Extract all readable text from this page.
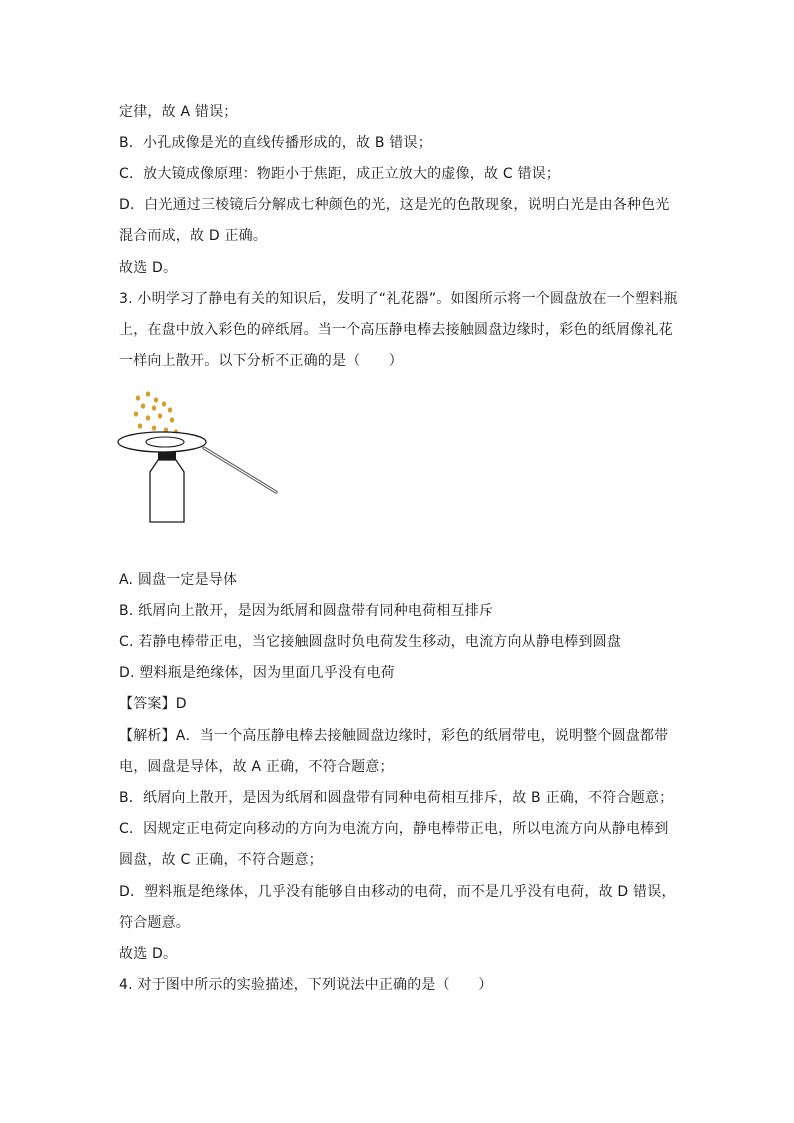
定律，故 A 错误；
B．小孔成像是光的直线传播形成的，故 B 错误；
C．放大镜成像原理：物距小于焦距，成正立放大的虚像，故 C 错误；
D．白光通过三棱镜后分解成七种颜色的光，这是光的色散现象，说明白光是由各种色光
混合而成，故 D 正确。
故选 D。
3. 小明学习了静电有关的知识后，发明了“礼花器”。如图所示将一个圆盘放在一个塑料瓶
上，在盘中放入彩色的碎纸屑。当一个高压静电棒去接触圆盘边缘时，彩色的纸屑像礼花
一样向上散开。以下分析不正确的是（　　）
A. 圆盘一定是导体
B. 纸屑向上散开，是因为纸屑和圆盘带有同种电荷相互排斥
C. 若静电棒带正电，当它接触圆盘时负电荷发生移动，电流方向从静电棒到圆盘
D. 塑料瓶是绝缘体，因为里面几乎没有电荷
【答案】D
【解析】A．当一个高压静电棒去接触圆盘边缘时，彩色的纸屑带电，说明整个圆盘都带
电，圆盘是导体，故 A 正确，不符合题意；
B．纸屑向上散开，是因为纸屑和圆盘带有同种电荷相互排斥，故 B 正确，不符合题意；
C．因规定正电荷定向移动的方向为电流方向，静电棒带正电，所以电流方向从静电棒到
圆盘，故 C 正确，不符合题意；
D．塑料瓶是绝缘体，几乎没有能够自由移动的电荷，而不是几乎没有电荷，故 D 错误，
符合题意。
故选 D。
4. 对于图中所示的实验描述，下列说法中正确的是（　　）
